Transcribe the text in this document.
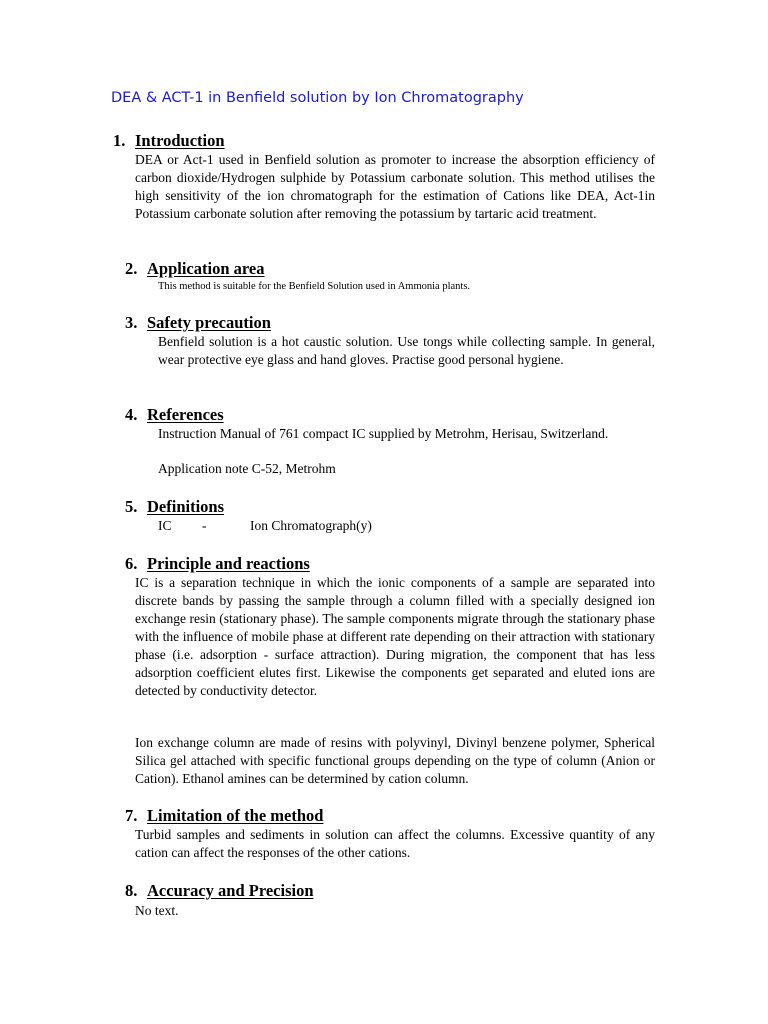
DEA & ACT-1 in Benfield solution by Ion Chromatography
1. Introduction

DEA or Act-1 used in Benfield solution as promoter to increase the absorption efficiency of carbon dioxide/Hydrogen sulphide by Potassium carbonate solution. This method utilises the high sensitivity of the ion chromatograph for the estimation of Cations like DEA, Act-1in Potassium carbonate solution after removing the potassium by tartaric acid treatment.

2. Application area

This method is suitable for the Benfield Solution used in Ammonia plants.

3. Safety precaution

Benfield solution is a hot caustic solution. Use tongs while collecting sample. In general, wear protective eye glass and hand gloves. Practise good personal hygiene.

4. References

Instruction Manual of 761 compact IC supplied by Metrohm, Herisau, Switzerland.

Application note C-52, Metrohm

5. Definitions
IC -	Ion Chromatograph(y)
6. Principle and reactions

IC is a separation technique in which the ionic components of a sample are separated into discrete bands by passing the sample through a column filled with a specially designed ion exchange resin (stationary phase). The sample components migrate through the stationary phase with the influence of mobile phase at different rate depending on their attraction with stationary phase (i.e. adsorption - surface attraction). During migration, the component that has less adsorption coefficient elutes first. Likewise the components get separated and eluted ions are detected by conductivity detector.

Ion exchange column are made of resins with polyvinyl, Divinyl benzene polymer, Spherical Silica gel attached with specific functional groups depending on the type of column (Anion or Cation). Ethanol amines can be determined by cation column.

7. Limitation of the method

Turbid samples and sediments in solution can affect the columns. Excessive quantity of any cation can affect the responses of the other cations.

8. Accuracy and Precision

No text.
